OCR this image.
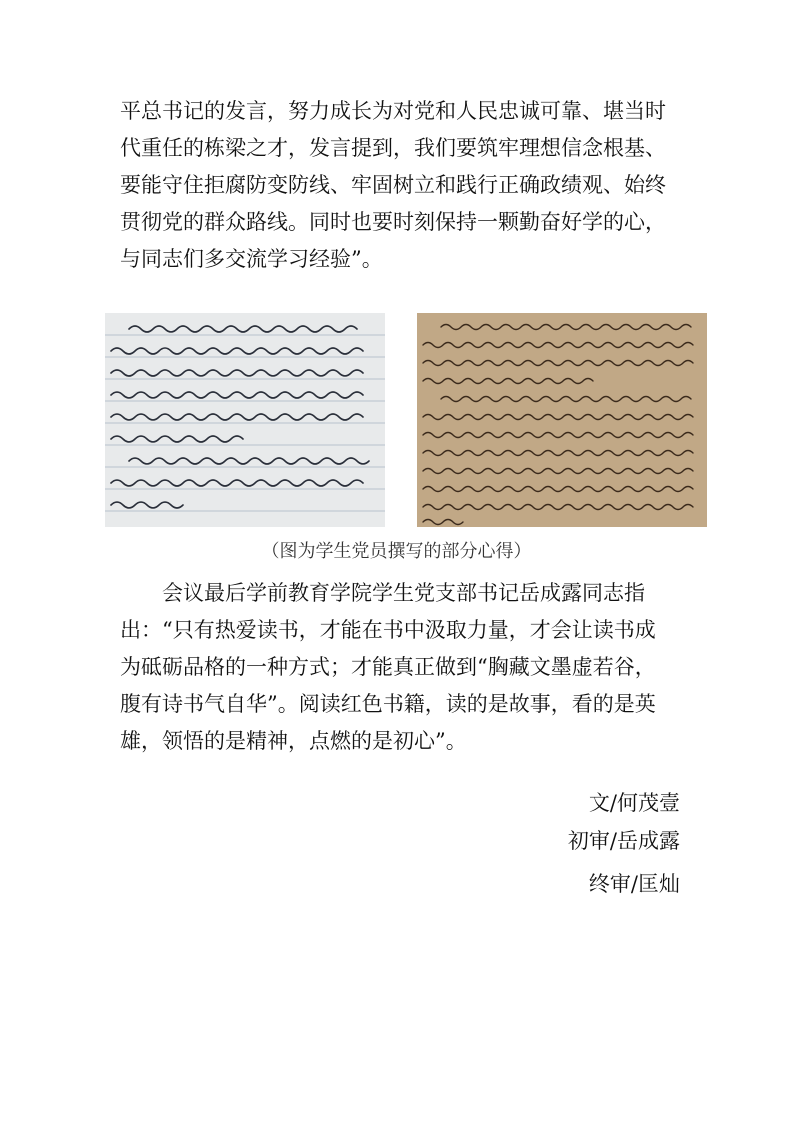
平总书记的发言，努力成长为对党和人民忠诚可靠、堪当时
代重任的栋梁之才，发言提到，我们要筑牢理想信念根基、
要能守住拒腐防变防线、牢固树立和践行正确政绩观、始终
贯彻党的群众路线。同时也要时刻保持一颗勤奋好学的心，
与同志们多交流学习经验”。

（图为学生党员撰写的部分心得）

会议最后学前教育学院学生党支部书记岳成露同志指
出：“只有热爱读书，才能在书中汲取力量，才会让读书成
为砥砺品格的一种方式；才能真正做到“胸藏文墨虚若谷，
腹有诗书气自华”。阅读红色书籍，读的是故事，看的是英
雄，领悟的是精神，点燃的是初心”。

文/何茂壹
初审/岳成露
终审/匡灿
